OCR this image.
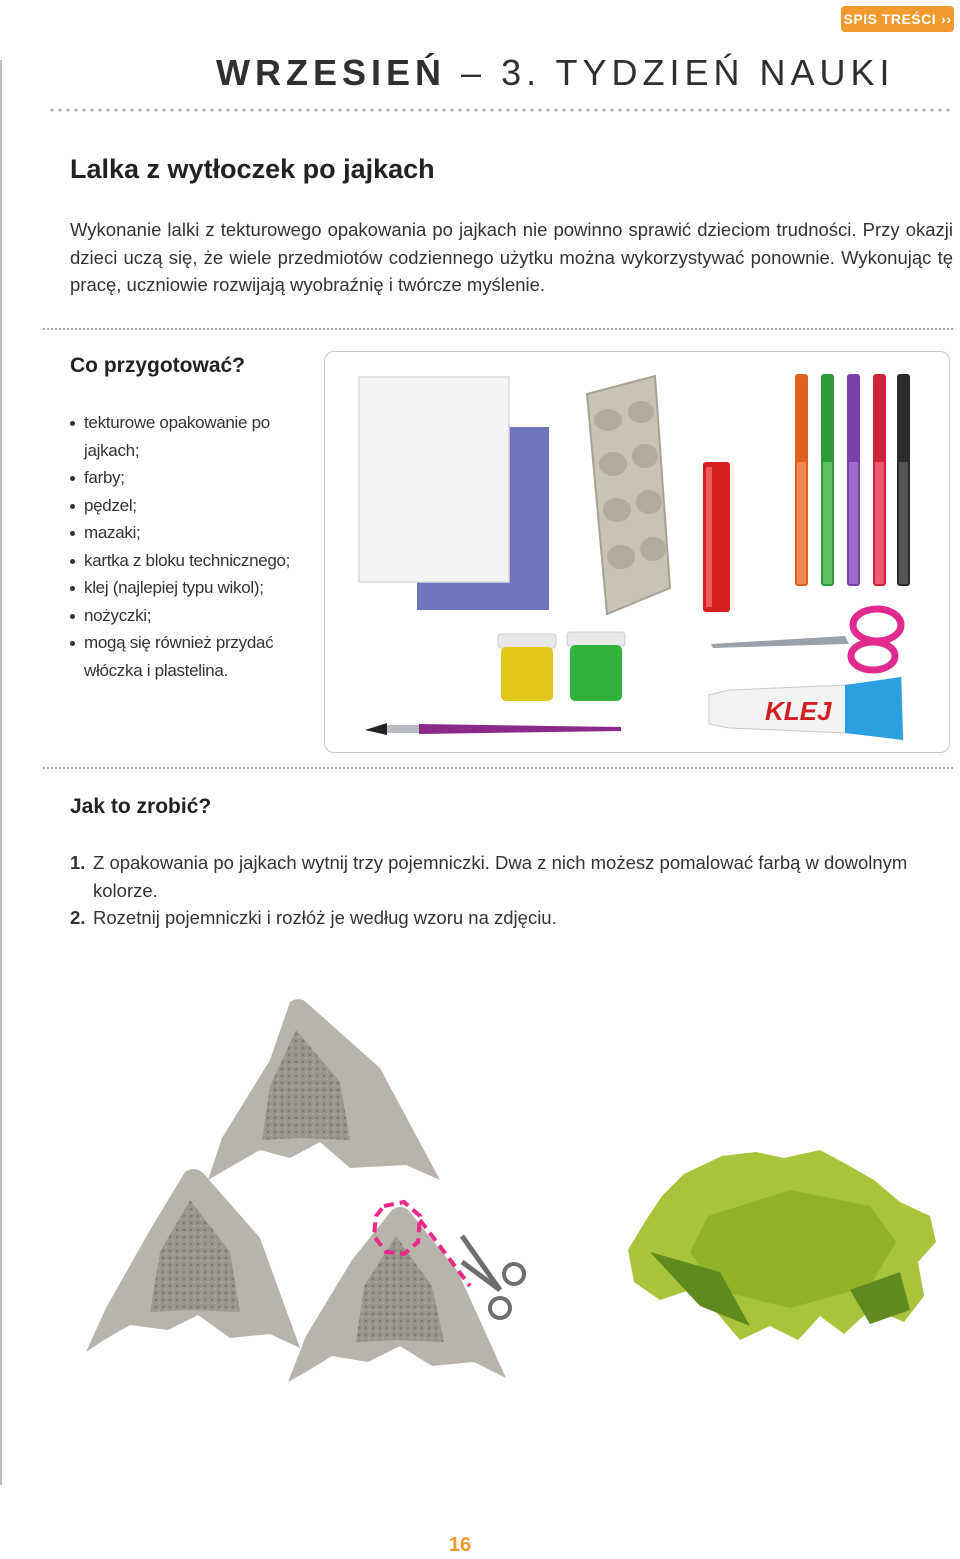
SPIS TREŚCI ››
WRZESIEŃ – 3. TYDZIEŃ NAUKI
Lalka z wytłoczek po jajkach

Wykonanie lalki z tekturowego opakowania po jajkach nie powinno sprawić dzieciom trudności. Przy okazji dzieci uczą się, że wiele przedmiotów codziennego użytku można wykorzystywać ponownie. Wykonując tę pracę, uczniowie rozwijają wyobraźnię i twórcze myślenie.

Co przygotować?
tekturowe opakowanie po jajkach;
farby;
pędzel;
mazaki;
kartka z bloku technicznego;
klej (najlepiej typu wikol);
nożyczki;
mogą się również przydać włóczka i plastelina.
KLEJ
Jak to zrobić?
1. Z opakowania po jajkach wytnij trzy pojemniczki. Dwa z nich możesz pomalować farbą w dowolnym kolorze.
2. Rozetnij pojemniczki i rozłóż je według wzoru na zdjęciu.
16
